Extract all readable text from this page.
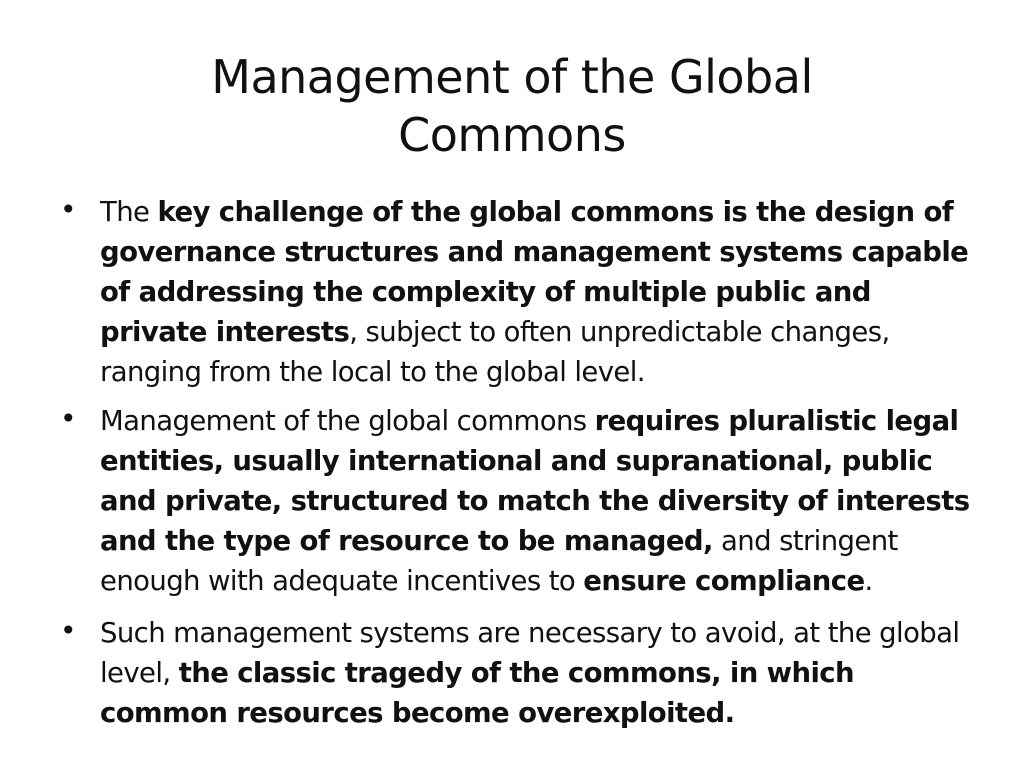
Management of the Global
Commons
• The key challenge of the global commons is the design of governance structures and management systems capable of addressing the complexity of multiple public and private interests, subject to often unpredictable changes, ranging from the local to the global level.
• Management of the global commons requires pluralistic legal entities, usually international and supranational, public and private, structured to match the diversity of interests and the type of resource to be managed, and stringent enough with adequate incentives to ensure compliance.
• Such management systems are necessary to avoid, at the global level, the classic tragedy of the commons, in which common resources become overexploited.
